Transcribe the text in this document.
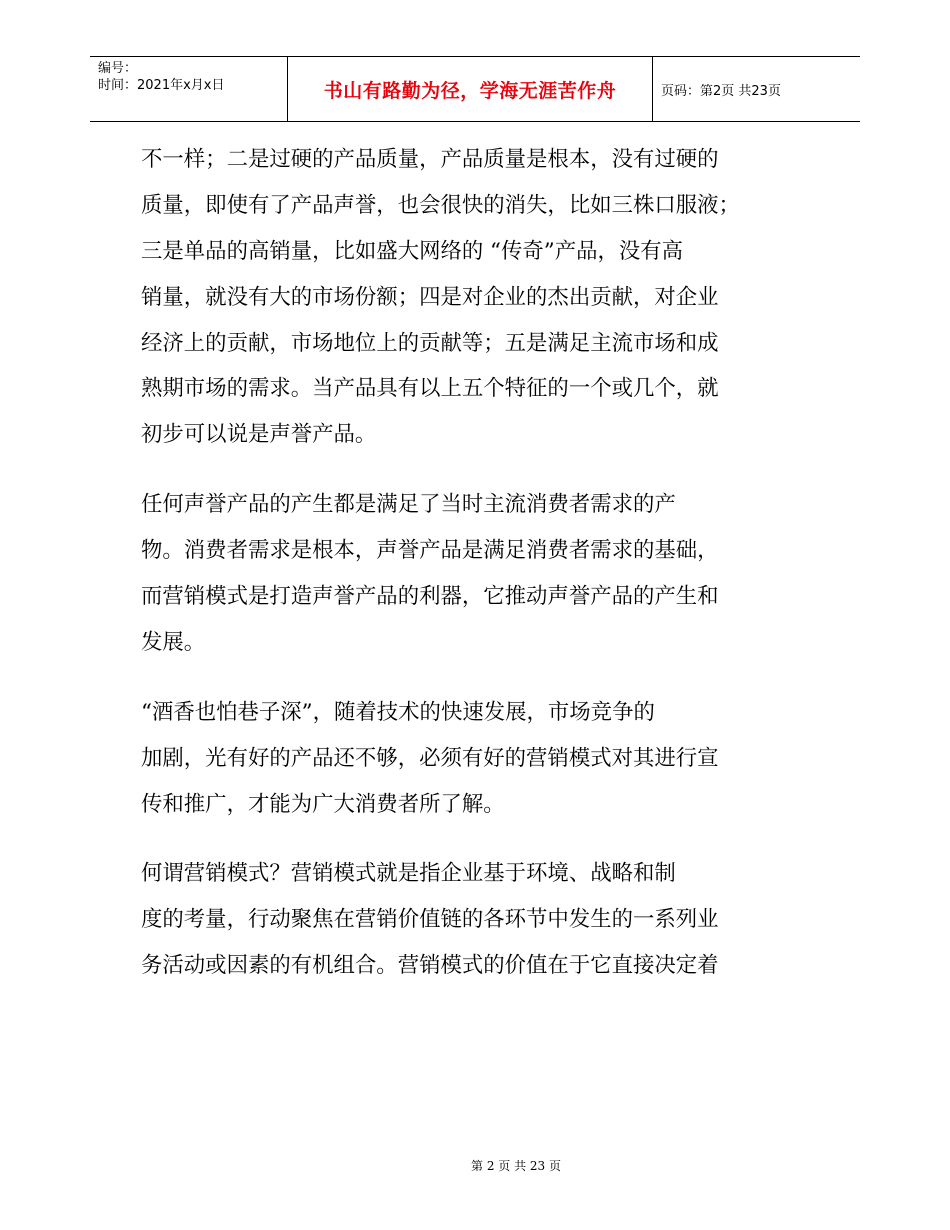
编号：
时间：2021年x月x日	书山有路勤为径，学海无涯苦作舟	页码：第2页 共23页
不一样；二是过硬的产品质量，产品质量是根本，没有过硬的
质量，即使有了产品声誉，也会很快的消失，比如三株口服液；
三是单品的高销量，比如盛大网络的 “传奇”产品，没有高
销量，就没有大的市场份额；四是对企业的杰出贡献，对企业
经济上的贡献，市场地位上的贡献等；五是满足主流市场和成
熟期市场的需求。当产品具有以上五个特征的一个或几个，就
初步可以说是声誉产品。
任何声誉产品的产生都是满足了当时主流消费者需求的产
物。消费者需求是根本，声誉产品是满足消费者需求的基础，
而营销模式是打造声誉产品的利器，它推动声誉产品的产生和
发展。
“酒香也怕巷子深”，随着技术的快速发展，市场竞争的
加剧，光有好的产品还不够，必须有好的营销模式对其进行宣
传和推广，才能为广大消费者所了解。
何谓营销模式？营销模式就是指企业基于环境、战略和制
度的考量，行动聚焦在营销价值链的各环节中发生的一系列业
务活动或因素的有机组合。营销模式的价值在于它直接决定着
第 2 页 共 23 页
